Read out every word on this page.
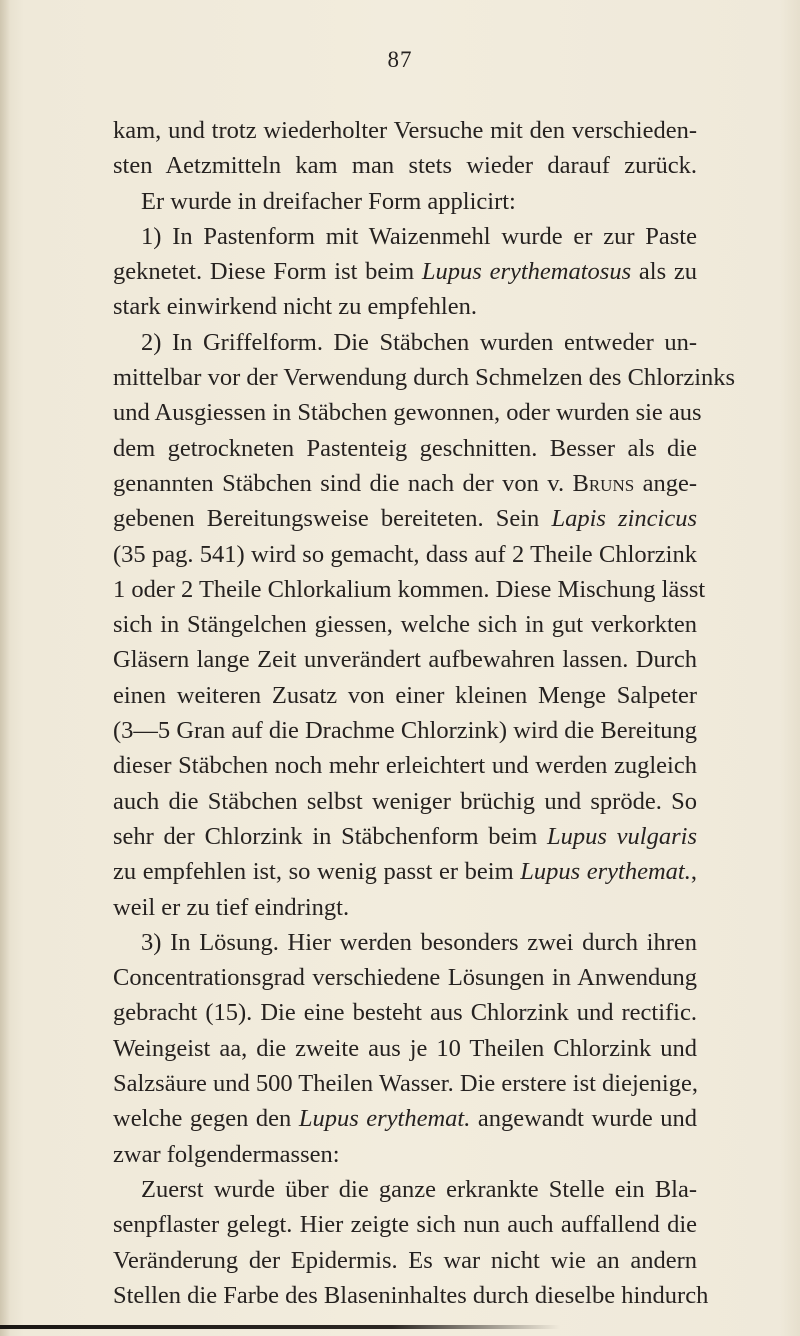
87
kam, und trotz wiederholter Versuche mit den verschieden-
sten Aetzmitteln kam man stets wieder darauf zurück.
Er wurde in dreifacher Form applicirt:
1) In Pastenform mit Waizenmehl wurde er zur Paste
geknetet. Diese Form ist beim Lupus erythematosus als zu
stark einwirkend nicht zu empfehlen.
2) In Griffelform. Die Stäbchen wurden entweder un-
mittelbar vor der Verwendung durch Schmelzen des Chlorzinks
und Ausgiessen in Stäbchen gewonnen, oder wurden sie aus
dem getrockneten Pastenteig geschnitten. Besser als die
genannten Stäbchen sind die nach der von v. Bruns ange-
gebenen Bereitungsweise bereiteten. Sein Lapis zincicus
(35 pag. 541) wird so gemacht, dass auf 2 Theile Chlorzink
1 oder 2 Theile Chlorkalium kommen. Diese Mischung lässt
sich in Stängelchen giessen, welche sich in gut verkorkten
Gläsern lange Zeit unverändert aufbewahren lassen. Durch
einen weiteren Zusatz von einer kleinen Menge Salpeter
(3—5 Gran auf die Drachme Chlorzink) wird die Bereitung
dieser Stäbchen noch mehr erleichtert und werden zugleich
auch die Stäbchen selbst weniger brüchig und spröde. So
sehr der Chlorzink in Stäbchenform beim Lupus vulgaris
zu empfehlen ist, so wenig passt er beim Lupus erythemat.,
weil er zu tief eindringt.
3) In Lösung. Hier werden besonders zwei durch ihren
Concentrationsgrad verschiedene Lösungen in Anwendung
gebracht (15). Die eine besteht aus Chlorzink und rectific.
Weingeist aa, die zweite aus je 10 Theilen Chlorzink und
Salzsäure und 500 Theilen Wasser. Die erstere ist diejenige,
welche gegen den Lupus erythemat. angewandt wurde und
zwar folgendermassen:
Zuerst wurde über die ganze erkrankte Stelle ein Bla-
senpflaster gelegt. Hier zeigte sich nun auch auffallend die
Veränderung der Epidermis. Es war nicht wie an andern
Stellen die Farbe des Blaseninhaltes durch dieselbe hindurch
